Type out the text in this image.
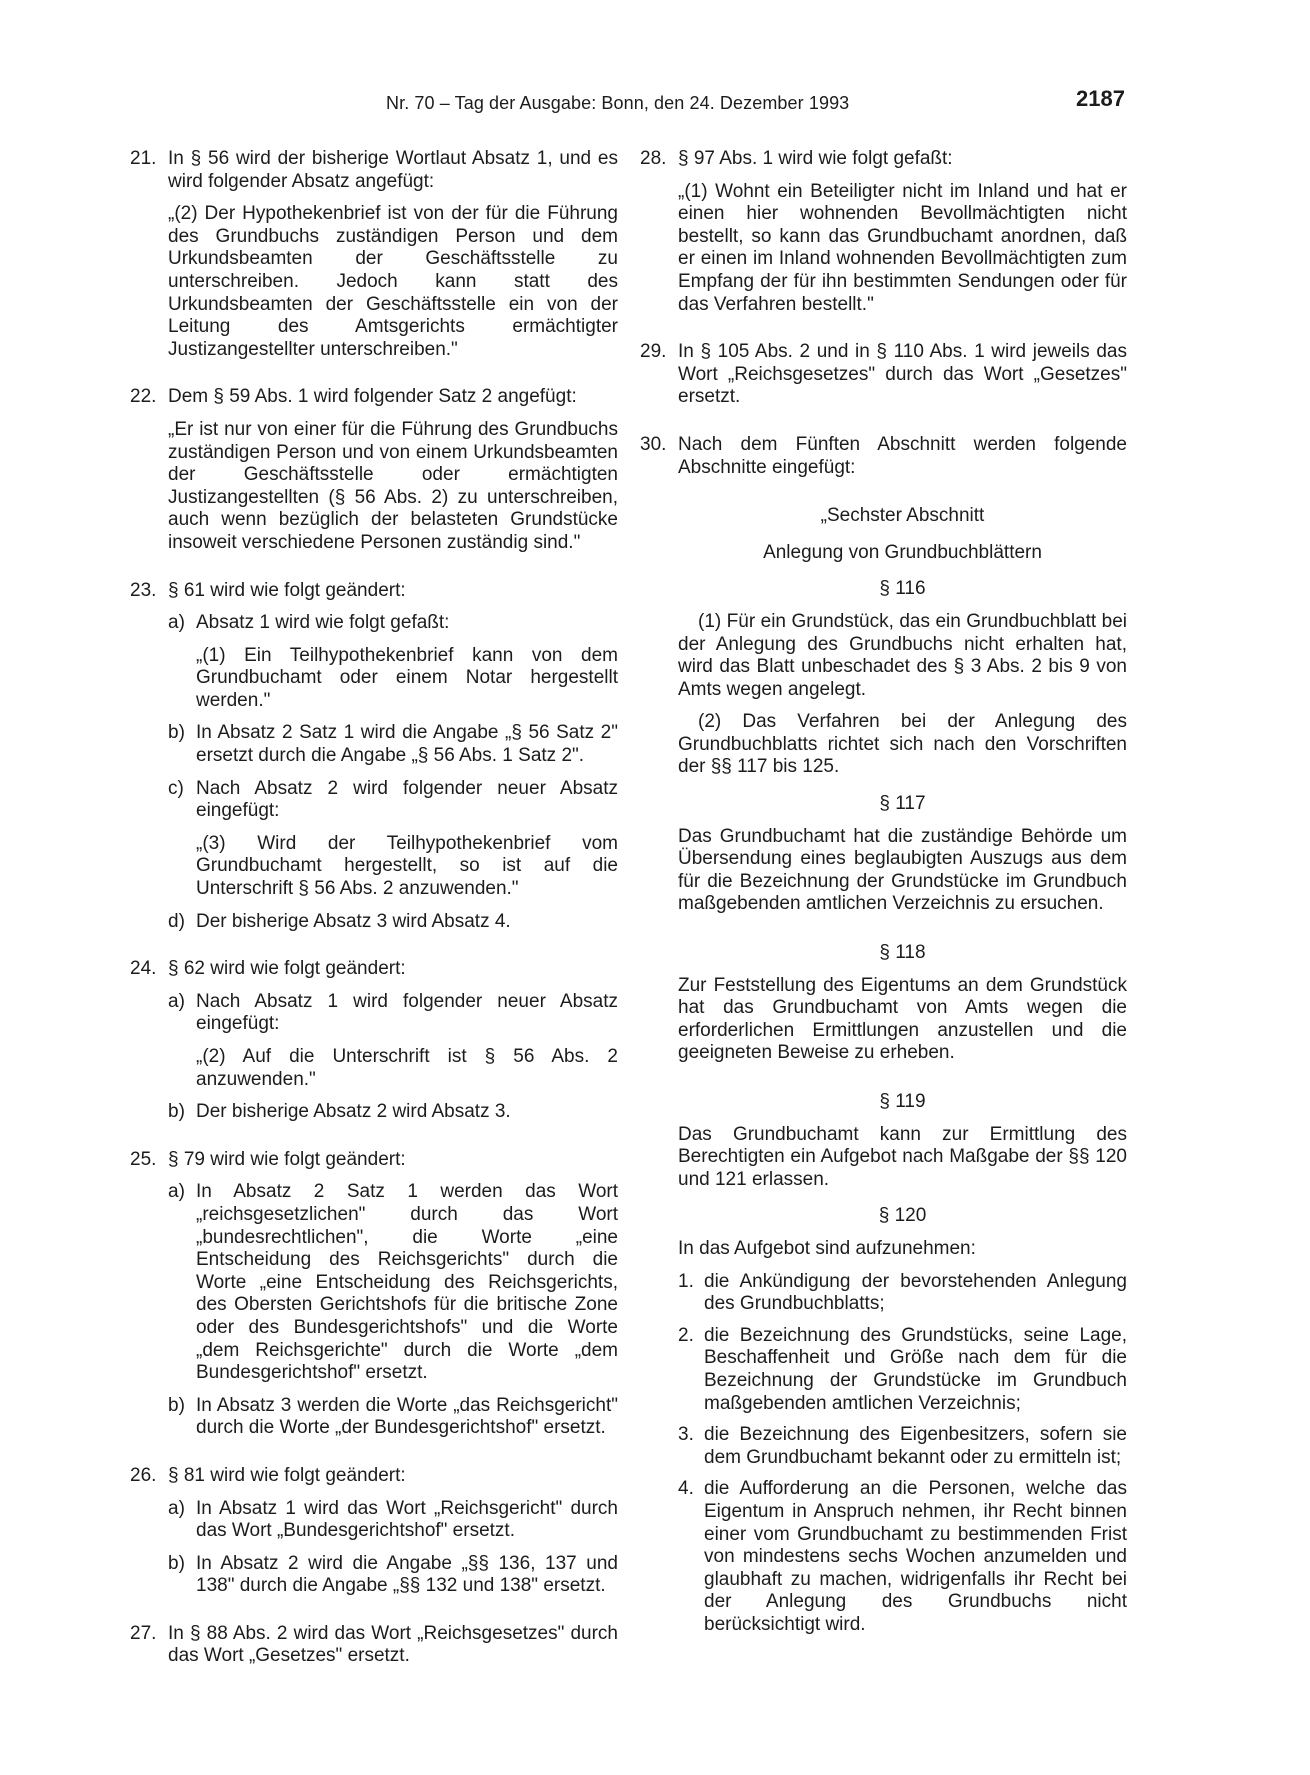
Nr. 70 – Tag der Ausgabe: Bonn, den 24. Dezember 1993	2187
21. In § 56 wird der bisherige Wortlaut Absatz 1, und es wird folgender Absatz angefügt:

„(2) Der Hypothekenbrief ist von der für die Führung des Grundbuchs zuständigen Person und dem Urkundsbeamten der Geschäftsstelle zu unterschreiben. Jedoch kann statt des Urkundsbeamten der Geschäftsstelle ein von der Leitung des Amtsgerichts ermächtigter Justizangestellter unterschreiben."

22. Dem § 59 Abs. 1 wird folgender Satz 2 angefügt:

„Er ist nur von einer für die Führung des Grundbuchs zuständigen Person und von einem Urkundsbeamten der Geschäftsstelle oder ermächtigten Justizangestellten (§ 56 Abs. 2) zu unterschreiben, auch wenn bezüglich der belasteten Grundstücke insoweit verschiedene Personen zuständig sind."

23. § 61 wird wie folgt geändert:

a) Absatz 1 wird wie folgt gefaßt:

„(1) Ein Teilhypothekenbrief kann von dem Grundbuchamt oder einem Notar hergestellt werden."

b) In Absatz 2 Satz 1 wird die Angabe „§ 56 Satz 2" ersetzt durch die Angabe „§ 56 Abs. 1 Satz 2".

c) Nach Absatz 2 wird folgender neuer Absatz eingefügt:

„(3) Wird der Teilhypothekenbrief vom Grundbuchamt hergestellt, so ist auf die Unterschrift § 56 Abs. 2 anzuwenden."

d) Der bisherige Absatz 3 wird Absatz 4.

24. § 62 wird wie folgt geändert:

a) Nach Absatz 1 wird folgender neuer Absatz eingefügt:

„(2) Auf die Unterschrift ist § 56 Abs. 2 anzuwenden."

b) Der bisherige Absatz 2 wird Absatz 3.

25. § 79 wird wie folgt geändert:

a) In Absatz 2 Satz 1 werden das Wort „reichsgesetzlichen" durch das Wort „bundesrechtlichen", die Worte „eine Entscheidung des Reichsgerichts" durch die Worte „eine Entscheidung des Reichsgerichts, des Obersten Gerichtshofs für die britische Zone oder des Bundesgerichtshofs" und die Worte „dem Reichsgerichte" durch die Worte „dem Bundesgerichtshof" ersetzt.

b) In Absatz 3 werden die Worte „das Reichsgericht" durch die Worte „der Bundesgerichtshof" ersetzt.

26. § 81 wird wie folgt geändert:

a) In Absatz 1 wird das Wort „Reichsgericht" durch das Wort „Bundesgerichtshof" ersetzt.

b) In Absatz 2 wird die Angabe „§§ 136, 137 und 138" durch die Angabe „§§ 132 und 138" ersetzt.

27. In § 88 Abs. 2 wird das Wort „Reichsgesetzes" durch das Wort „Gesetzes" ersetzt.

28. § 97 Abs. 1 wird wie folgt gefaßt:

„(1) Wohnt ein Beteiligter nicht im Inland und hat er einen hier wohnenden Bevollmächtigten nicht bestellt, so kann das Grundbuchamt anordnen, daß er einen im Inland wohnenden Bevollmächtigten zum Empfang der für ihn bestimmten Sendungen oder für das Verfahren bestellt."

29. In § 105 Abs. 2 und in § 110 Abs. 1 wird jeweils das Wort „Reichsgesetzes" durch das Wort „Gesetzes" ersetzt.

30. Nach dem Fünften Abschnitt werden folgende Abschnitte eingefügt:

„Sechster Abschnitt

Anlegung von Grundbuchblättern

§ 116

(1) Für ein Grundstück, das ein Grundbuchblatt bei der Anlegung des Grundbuchs nicht erhalten hat, wird das Blatt unbeschadet des § 3 Abs. 2 bis 9 von Amts wegen angelegt.

(2) Das Verfahren bei der Anlegung des Grundbuchblatts richtet sich nach den Vorschriften der §§ 117 bis 125.

§ 117

Das Grundbuchamt hat die zuständige Behörde um Übersendung eines beglaubigten Auszugs aus dem für die Bezeichnung der Grundstücke im Grundbuch maßgebenden amtlichen Verzeichnis zu ersuchen.

§ 118

Zur Feststellung des Eigentums an dem Grundstück hat das Grundbuchamt von Amts wegen die erforderlichen Ermittlungen anzustellen und die geeigneten Beweise zu erheben.

§ 119

Das Grundbuchamt kann zur Ermittlung des Berechtigten ein Aufgebot nach Maßgabe der §§ 120 und 121 erlassen.

§ 120

In das Aufgebot sind aufzunehmen:

1. die Ankündigung der bevorstehenden Anlegung des Grundbuchblatts;
2. die Bezeichnung des Grundstücks, seine Lage, Beschaffenheit und Größe nach dem für die Bezeichnung der Grundstücke im Grundbuch maßgebenden amtlichen Verzeichnis;
3. die Bezeichnung des Eigenbesitzers, sofern sie dem Grundbuchamt bekannt oder zu ermitteln ist;
4. die Aufforderung an die Personen, welche das Eigentum in Anspruch nehmen, ihr Recht binnen einer vom Grundbuchamt zu bestimmenden Frist von mindestens sechs Wochen anzumelden und glaubhaft zu machen, widrigenfalls ihr Recht bei der Anlegung des Grundbuchs nicht berücksichtigt wird.
